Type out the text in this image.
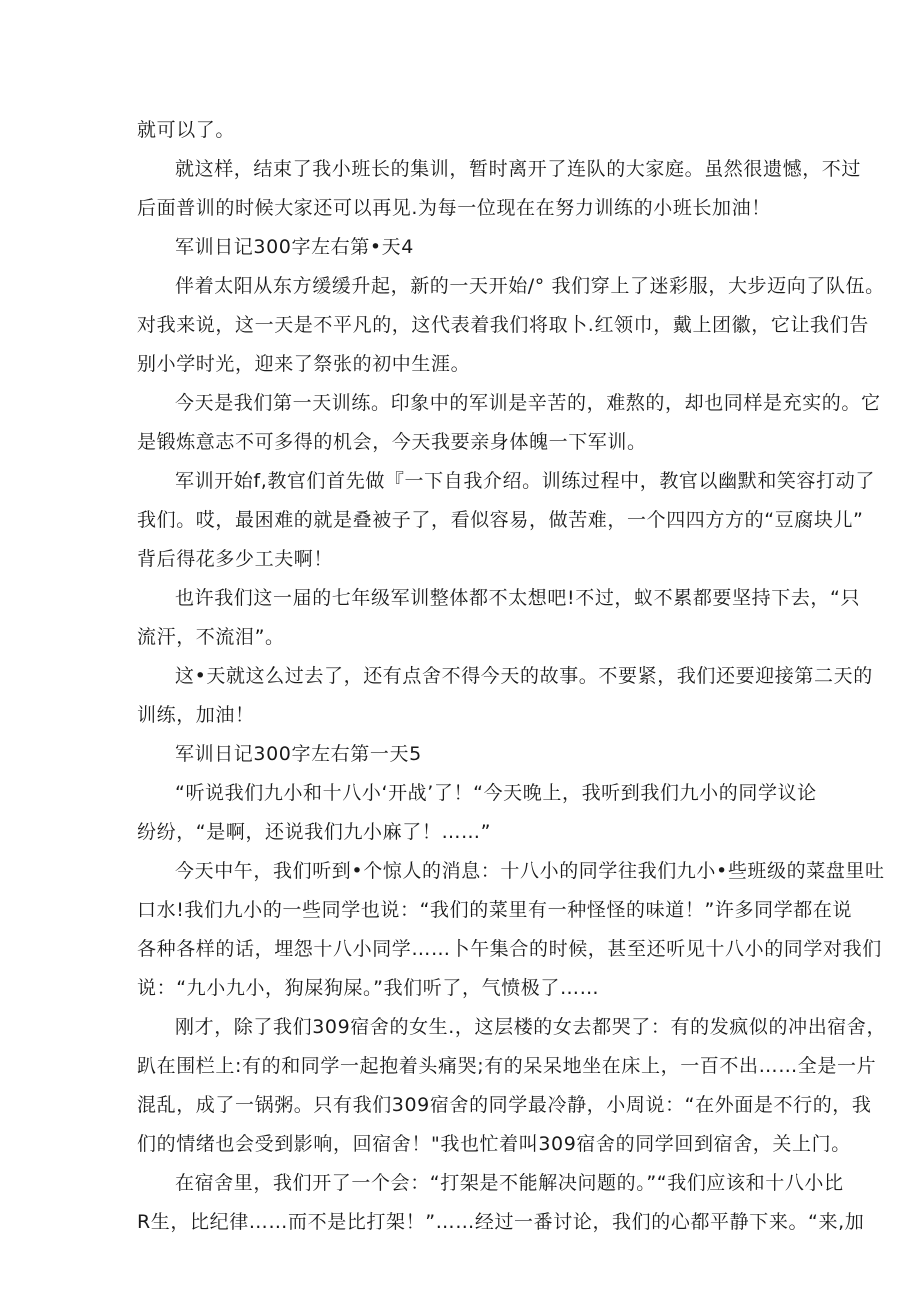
就可以了。
就这样，结束了我小班长的集训，暂时离开了连队的大家庭。虽然很遗憾，不过
后面普训的时候大家还可以再见.为每一位现在在努力训练的小班长加油！
军训日记300字左右第•天4
伴着太阳从东方缓缓升起，新的一天开始/° 我们穿上了迷彩服，大步迈向了队伍。
对我来说，这一天是不平凡的，这代表着我们将取卜.红领巾，戴上团徽，它让我们告
别小学时光，迎来了祭张的初中生涯。
今天是我们第一天训练。印象中的军训是辛苦的，难熬的，却也同样是充实的。它
是锻炼意志不可多得的机会，今天我要亲身体魄一下军训。
军训开始f,教官们首先做『一下自我介绍。训练过程中，教官以幽默和笑容打动了
我们。哎，最困难的就是叠被子了，看似容易，做苦难，一个四四方方的“豆腐块儿”
背后得花多少工夫啊！
也许我们这一届的七年级军训整体都不太想吧!不过，蚁不累都要坚持下去，“只
流汗，不流泪”。
这•天就这么过去了，还有点舍不得今天的故事。不要紧，我们还要迎接第二天的
训练，加油！
军训日记300字左右第一天5
“听说我们九小和十八小‘开战’了！“今天晚上，我听到我们九小的同学议论
纷纷，“是啊，还说我们九小麻了！……”
今天中午，我们听到•个惊人的消息：十八小的同学往我们九小•些班级的菜盘里吐
口水!我们九小的一些同学也说：“我们的菜里有一种怪怪的味道！”许多同学都在说
各种各样的话，埋怨十八小同学……卜午集合的时候，甚至还听见十八小的同学对我们
说：“九小九小，狗屎狗屎。”我们听了，气愤极了……
刚才，除了我们309宿舍的女生.，这层楼的女去都哭了：有的发疯似的冲出宿舍，
趴在围栏上:有的和同学一起抱着头痛哭;有的呆呆地坐在床上，一百不出……全是一片
混乱，成了一锅粥。只有我们309宿舍的同学最冷静，小周说：“在外面是不行的，我
们的情绪也会受到影响，回宿舍！"我也忙着叫309宿舍的同学回到宿舍，关上门。
在宿舍里，我们开了一个会：“打架是不能解决问题的。”“我们应该和十八小比
R生，比纪律……而不是比打架！”……经过一番讨论，我们的心都平静下来。“来,加
